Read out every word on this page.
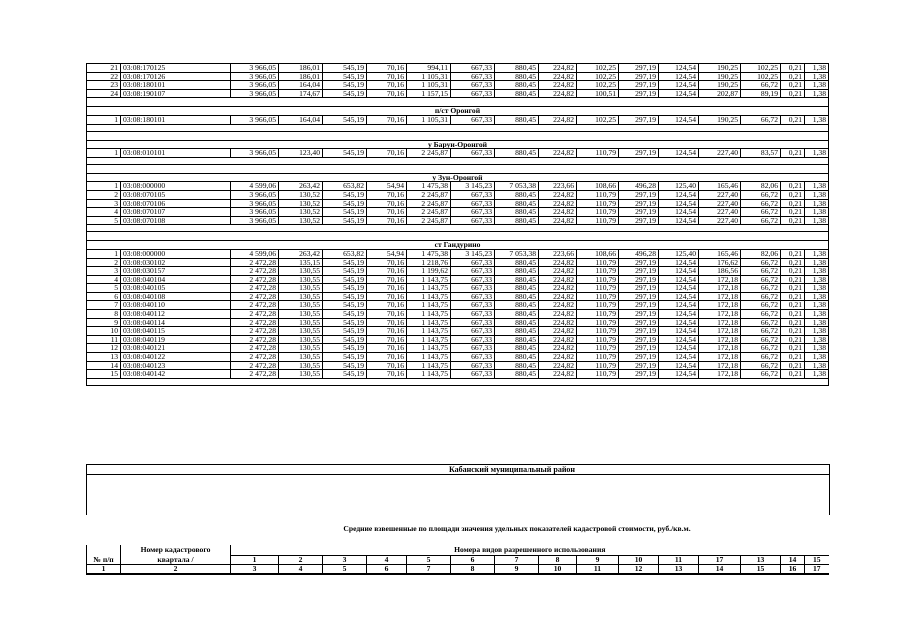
21	03:08:170125	3 966,05	186,01	545,19	70,16	994,11	667,33	880,45	224,82	102,25	297,19	124,54	190,25	102,25	0,21	1,38
22	03:08:170126	3 966,05	186,01	545,19	70,16	1 105,31	667,33	880,45	224,82	102,25	297,19	124,54	190,25	102,25	0,21	1,38
23	03:08:180101	3 966,05	164,04	545,19	70,16	1 105,31	667,33	880,45	224,82	102,25	297,19	124,54	190,25	66,72	0,21	1,38
24	03:08:190107	3 966,05	174,67	545,19	70,16	1 157,15	667,33	880,45	224,82	100,51	297,19	124,54	202,87	89,19	0,21	1,38

п/ст Оронгой																
1	03:08:180101	3 966,05	164,04	545,19	70,16	1 105,31	667,33	880,45	224,82	102,25	297,19	124,54	190,25	66,72	0,21	1,38

у Баруи-Оронгой																
1	03:08:010101	3 966,05	123,40	545,19	70,16	2 245,87	667,33	880,45	224,82	110,79	297,19	124,54	227,40	83,57	0,21	1,38

у Зун-Оронгой																
1	03:08:000000	4 599,06	263,42	653,82	54,94	1 475,38	3 145,23	7 053,38	223,66	108,66	496,28	125,40	165,46	82,06	0,21	1,38
2	03:08:070105	3 966,05	130,52	545,19	70,16	2 245,87	667,33	880,45	224,82	110,79	297,19	124,54	227,40	66,72	0,21	1,38
3	03:08:070106	3 966,05	130,52	545,19	70,16	2 245,87	667,33	880,45	224,82	110,79	297,19	124,54	227,40	66,72	0,21	1,38
4	03:08:070107	3 966,05	130,52	545,19	70,16	2 245,87	667,33	880,45	224,82	110,79	297,19	124,54	227,40	66,72	0,21	1,38
5	03:08:070108	3 966,05	130,52	545,19	70,16	2 245,87	667,33	880,45	224,82	110,79	297,19	124,54	227,40	66,72	0,21	1,38

ст Гандурино																
1	03:08:000000	4 599,06	263,42	653,82	54,94	1 475,38	3 145,23	7 053,38	223,66	108,66	496,28	125,40	165,46	82,06	0,21	1,38
2	03:08:030102	2 472,28	135,15	545,19	70,16	1 218,76	667,33	880,45	224,82	110,79	297,19	124,54	176,62	66,72	0,21	1,38
3	03:08:030157	2 472,28	130,55	545,19	70,16	1 199,62	667,33	880,45	224,82	110,79	297,19	124,54	186,56	66,72	0,21	1,38
4	03:08:040104	2 472,28	130,55	545,19	70,16	1 143,75	667,33	880,45	224,82	110,79	297,19	124,54	172,18	66,72	0,21	1,38
5	03:08:040105	2 472,28	130,55	545,19	70,16	1 143,75	667,33	880,45	224,82	110,79	297,19	124,54	172,18	66,72	0,21	1,38
6	03:08:040108	2 472,28	130,55	545,19	70,16	1 143,75	667,33	880,45	224,82	110,79	297,19	124,54	172,18	66,72	0,21	1,38
7	03:08:040110	2 472,28	130,55	545,19	70,16	1 143,75	667,33	880,45	224,82	110,79	297,19	124,54	172,18	66,72	0,21	1,38
8	03:08:040112	2 472,28	130,55	545,19	70,16	1 143,75	667,33	880,45	224,82	110,79	297,19	124,54	172,18	66,72	0,21	1,38
9	03:08:040114	2 472,28	130,55	545,19	70,16	1 143,75	667,33	880,45	224,82	110,79	297,19	124,54	172,18	66,72	0,21	1,38
10	03:08:040115	2 472,28	130,55	545,19	70,16	1 143,75	667,33	880,45	224,82	110,79	297,19	124,54	172,18	66,72	0,21	1,38
11	03:08:040119	2 472,28	130,55	545,19	70,16	1 143,75	667,33	880,45	224,82	110,79	297,19	124,54	172,18	66,72	0,21	1,38
12	03:08:040121	2 472,28	130,55	545,19	70,16	1 143,75	667,33	880,45	224,82	110,79	297,19	124,54	172,18	66,72	0,21	1,38
13	03:08:040122	2 472,28	130,55	545,19	70,16	1 143,75	667,33	880,45	224,82	110,79	297,19	124,54	172,18	66,72	0,21	1,38
14	03:08:040123	2 472,28	130,55	545,19	70,16	1 143,75	667,33	880,45	224,82	110,79	297,19	124,54	172,18	66,72	0,21	1,38
15	03:08:040142	2 472,28	130,55	545,19	70,16	1 143,75	667,33	880,45	224,82	110,79	297,19	124,54	172,18	66,72	0,21	1,38

Кабанский муниципальный район
Средние взвешенные по площади значения удельных показателей кадастровой стоимости, руб./кв.м.
	Номер кадастрового	Номера видов разрешенного использования														
№ п/п	квартала /	1	2	3	4	5	6	7	8	9	10	11	17	13	14	15
1	2	3	4	5	6	7	8	9	10	11	12	13	14	15	16	17
